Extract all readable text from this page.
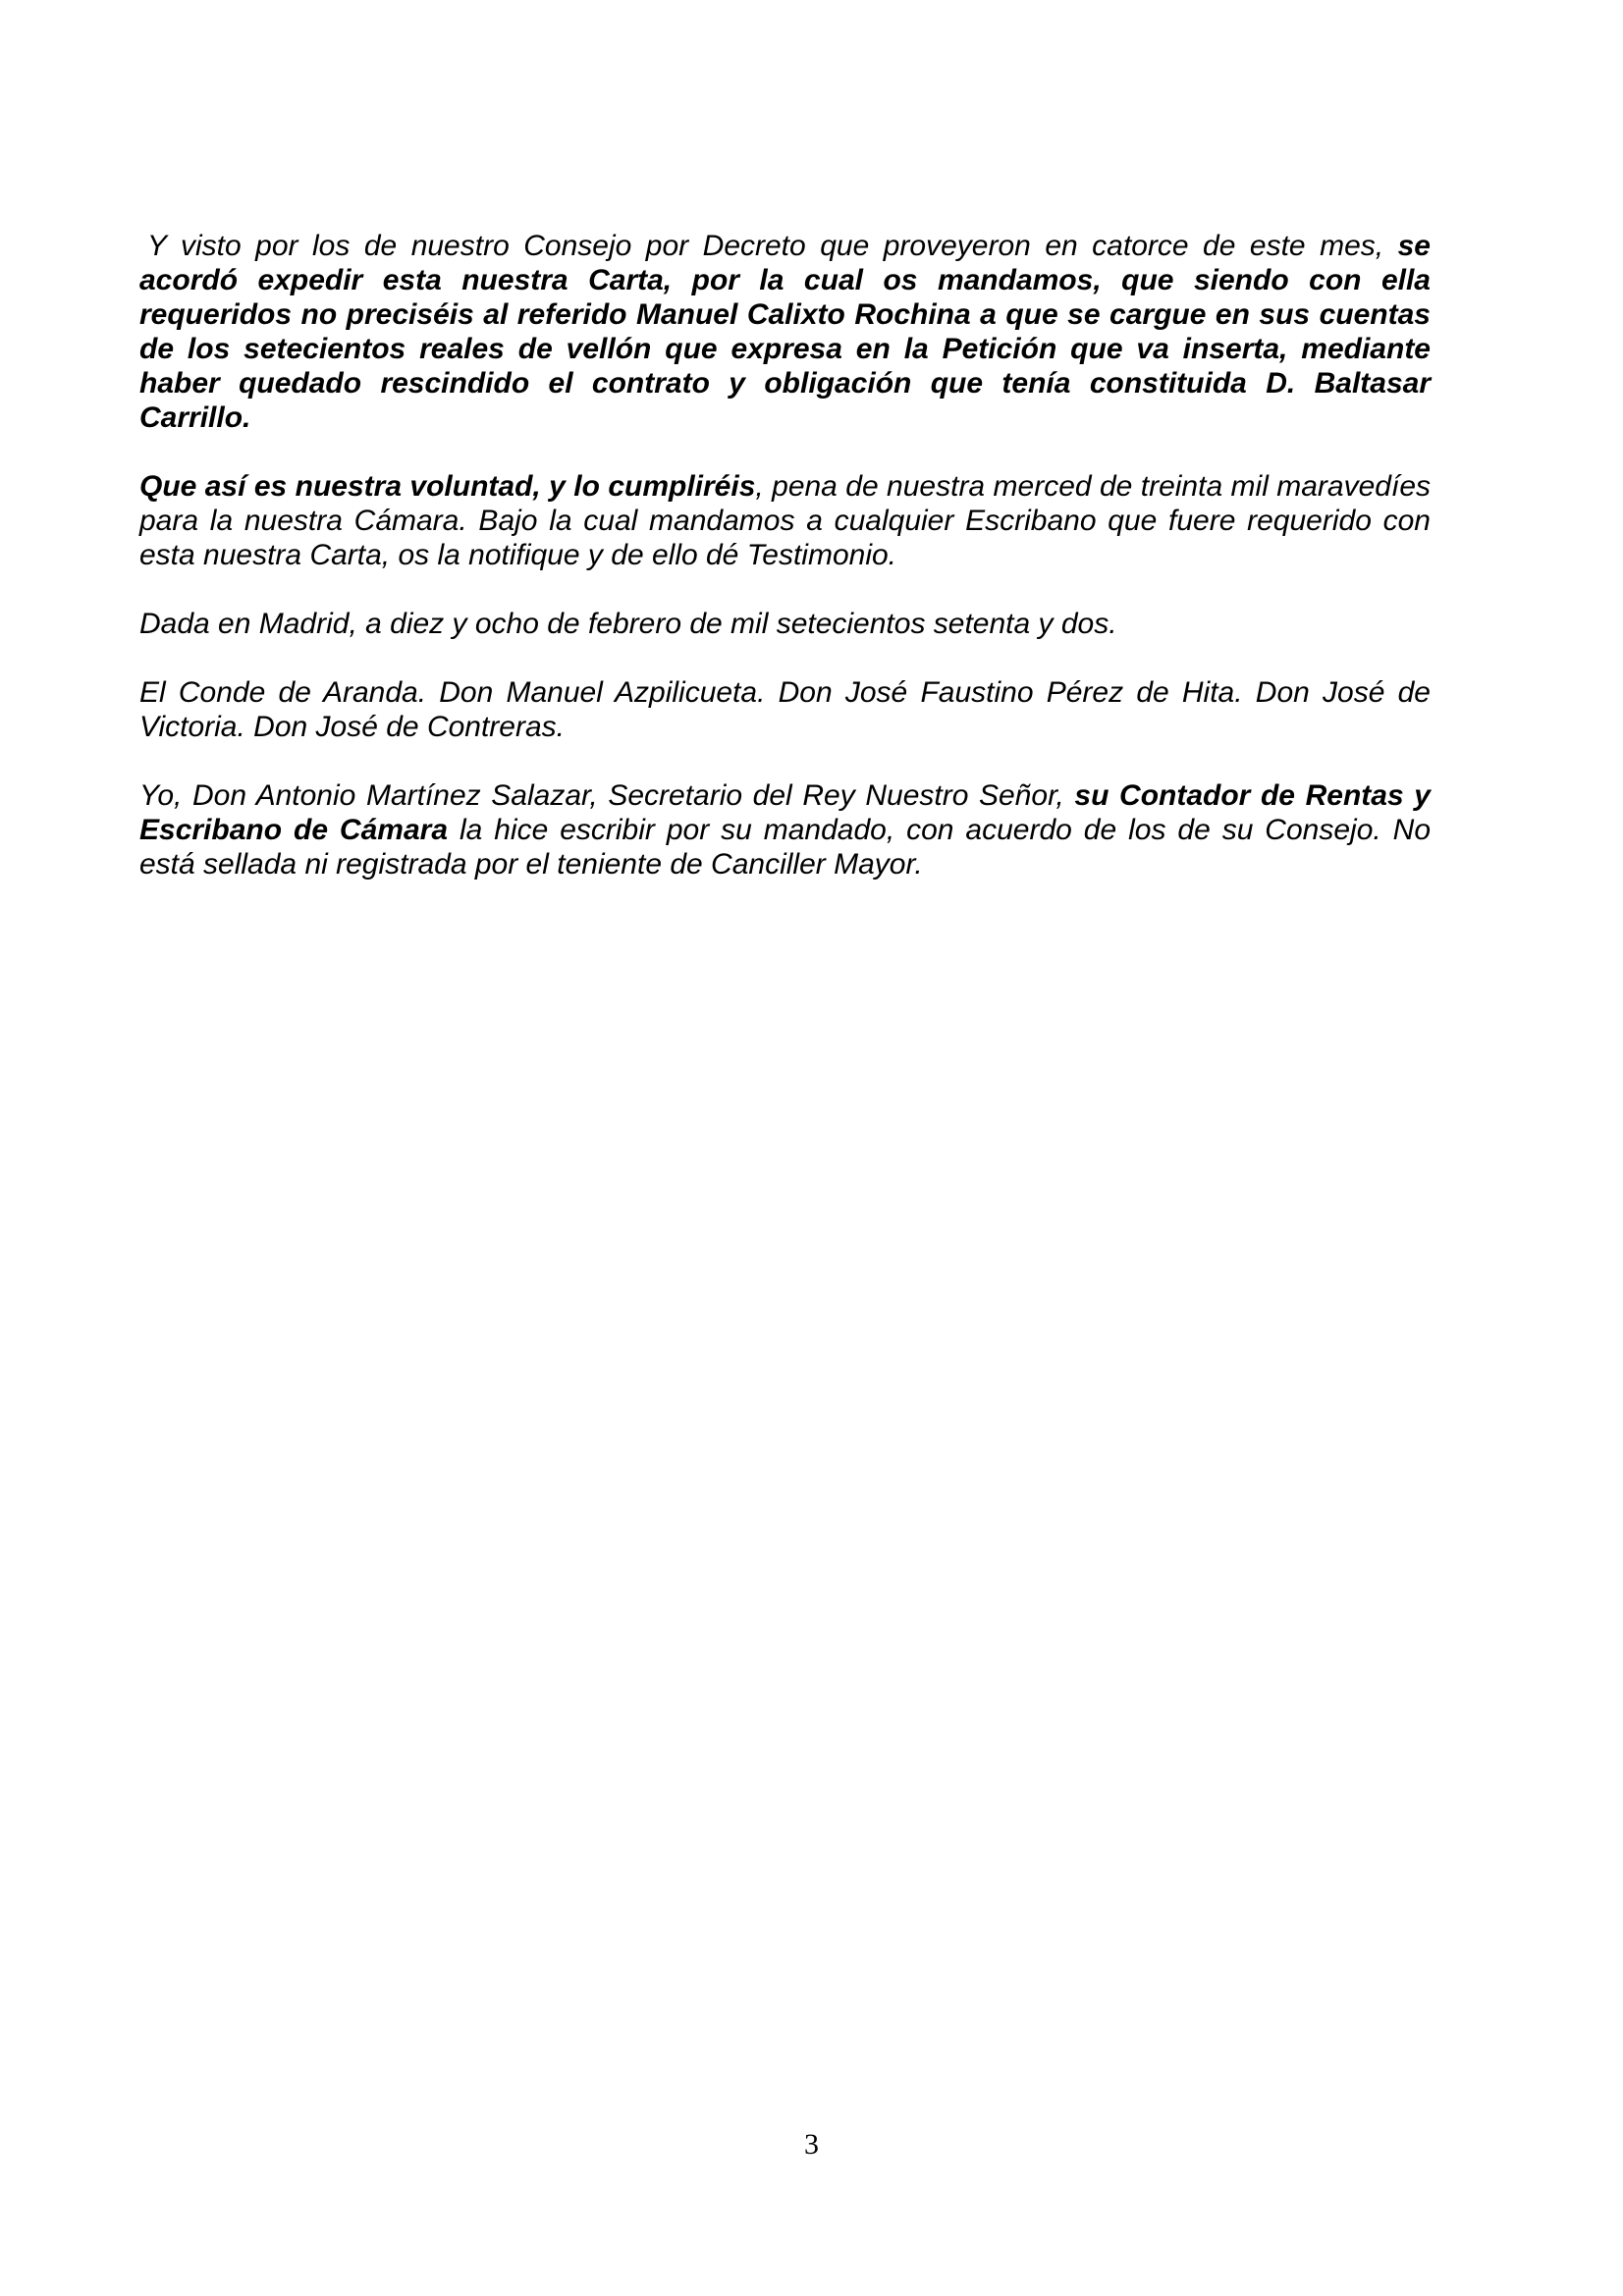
Y visto por los de nuestro Consejo por Decreto que proveyeron en catorce de este mes, se acordó expedir esta nuestra Carta, por la cual os mandamos, que siendo con ella requeridos no preciséis al referido Manuel Calixto Rochina a que se cargue en sus cuentas de los setecientos reales de vellón que expresa en la Petición que va inserta, mediante haber quedado rescindido el contrato y obligación que tenía constituida D. Baltasar Carrillo.

Que así es nuestra voluntad, y lo cumpliréis, pena de nuestra merced de treinta mil maravedíes para la nuestra Cámara. Bajo la cual mandamos a cualquier Escribano que fuere requerido con esta nuestra Carta, os la notifique y de ello dé Testimonio.

Dada en Madrid, a diez y ocho de febrero de mil setecientos setenta y dos.

El Conde de Aranda. Don Manuel Azpilicueta. Don José Faustino Pérez de Hita. Don José de Victoria. Don José de Contreras.

Yo, Don Antonio Martínez Salazar, Secretario del Rey Nuestro Señor, su Contador de Rentas y Escribano de Cámara la hice escribir por su mandado, con acuerdo de los de su Consejo. No está sellada ni registrada por el teniente de Canciller Mayor.

3
